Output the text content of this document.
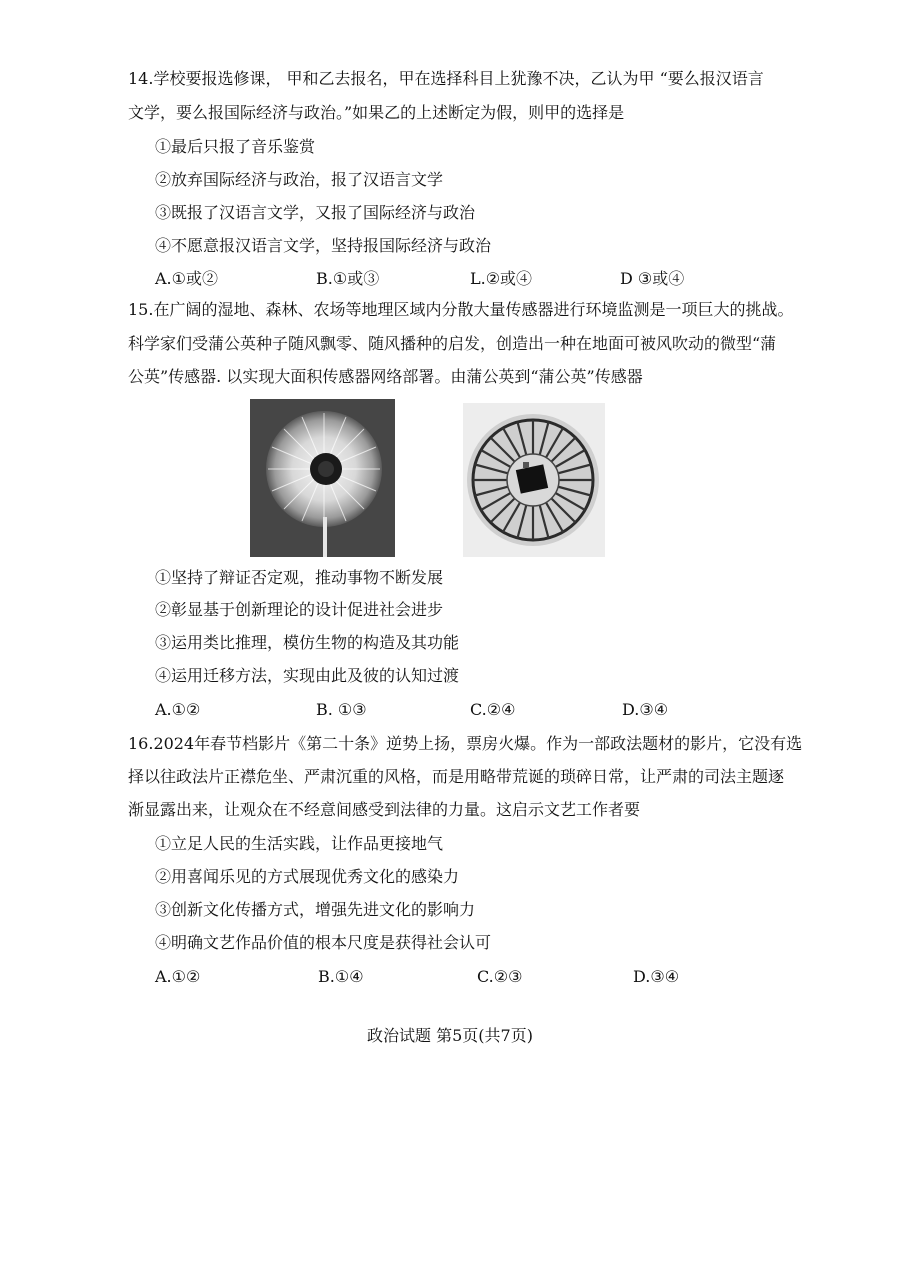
14.学校要报选修课， 甲和乙去报名，甲在选择科目上犹豫不决，乙认为甲 “要么报汉语言
文学，要么报国际经济与政治。”如果乙的上述断定为假，则甲的选择是
①最后只报了音乐鉴赏
②放弃国际经济与政治，报了汉语言文学
③既报了汉语言文学，又报了国际经济与政治
④不愿意报汉语言文学，坚持报国际经济与政治
A.①或②	B.①或③	L.②或④	D ③或④
15.在广阔的湿地、森林、农场等地理区域内分散大量传感器进行环境监测是一项巨大的挑战。
科学家们受蒲公英种子随风飘零、随风播种的启发，创造出一种在地面可被风吹动的微型“蒲
公英”传感器. 以实现大面积传感器网络部署。由蒲公英到“蒲公英”传感器
①坚持了辩证否定观，推动事物不断发展
②彰显基于创新理论的设计促进社会进步
③运用类比推理，模仿生物的构造及其功能
④运用迁移方法，实现由此及彼的认知过渡
A.①②	B. ①③	C.②④	D.③④
16.2024年春节档影片《第二十条》逆势上扬，票房火爆。作为一部政法题材的影片，它没有选
择以往政法片正襟危坐、严肃沉重的风格，而是用略带荒诞的琐碎日常，让严肃的司法主题逐
渐显露出来，让观众在不经意间感受到法律的力量。这启示文艺工作者要
①立足人民的生活实践，让作品更接地气
②用喜闻乐见的方式展现优秀文化的感染力
③创新文化传播方式，增强先进文化的影响力
④明确文艺作品价值的根本尺度是获得社会认可
A.①②	B.①④	C.②③	D.③④
政治试题 第5页(共7页)
